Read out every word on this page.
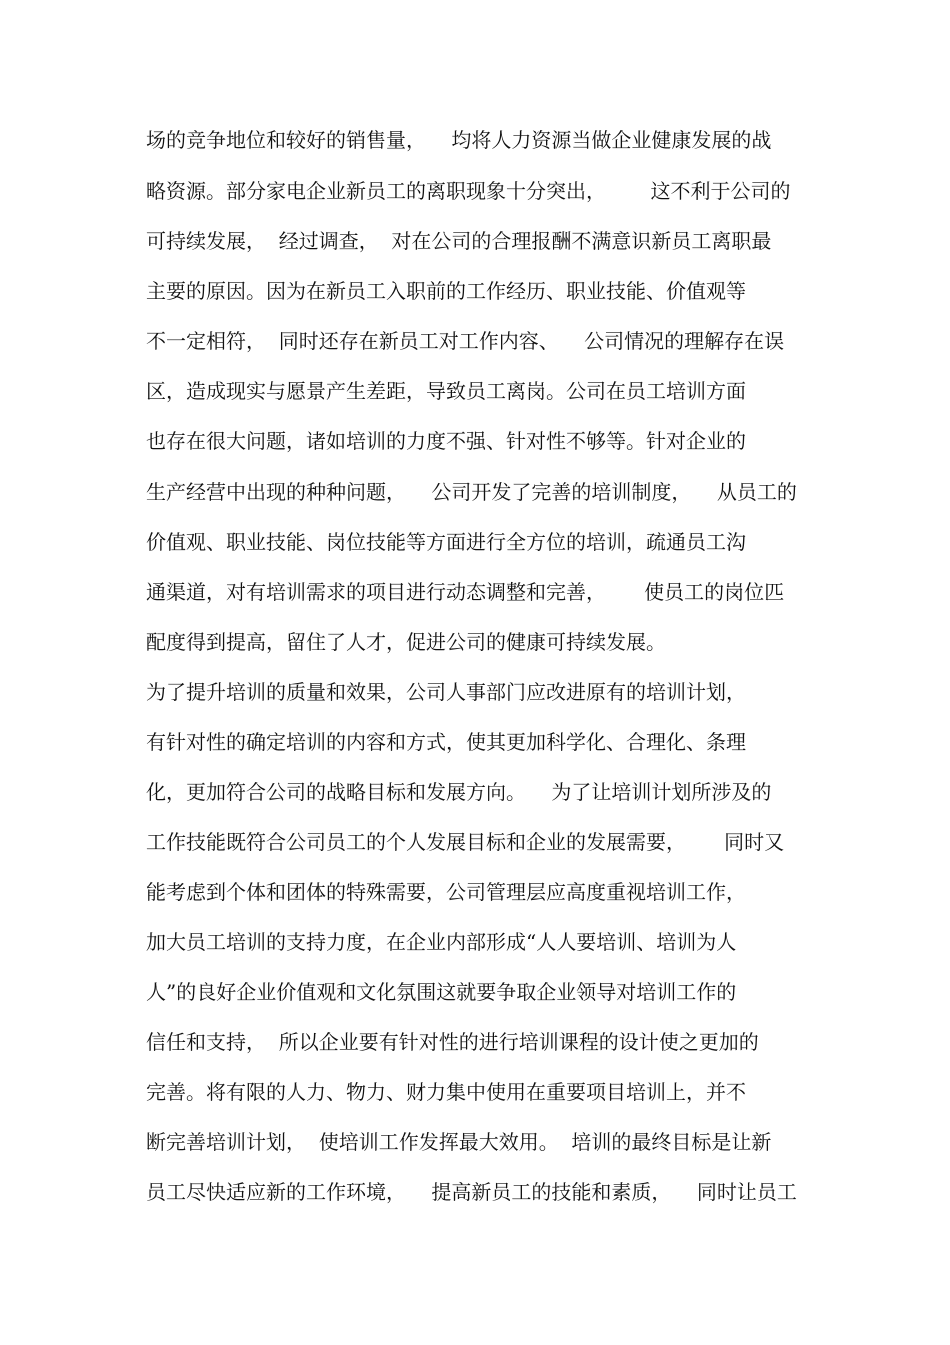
场的竞争地位和较好的销售量，    均将人力资源当做企业健康发展的战
略资源。部分家电企业新员工的离职现象十分突出，       这不利于公司的
可持续发展，  经过调查，  对在公司的合理报酬不满意识新员工离职最
主要的原因。因为在新员工入职前的工作经历、职业技能、价值观等
不一定相符，  同时还存在新员工对工作内容、    公司情况的理解存在误
区，造成现实与愿景产生差距，导致员工离岗。公司在员工培训方面
也存在很大问题，诸如培训的力度不强、针对性不够等。针对企业的
生产经营中出现的种种问题，    公司开发了完善的培训制度，    从员工的
价值观、职业技能、岗位技能等方面进行全方位的培训，疏通员工沟
通渠道，对有培训需求的项目进行动态调整和完善，      使员工的岗位匹
配度得到提高，留住了人才，促进公司的健康可持续发展。
为了提升培训的质量和效果，公司人事部门应改进原有的培训计划，
有针对性的确定培训的内容和方式，使其更加科学化、合理化、条理
化，更加符合公司的战略目标和发展方向。    为了让培训计划所涉及的
工作技能既符合公司员工的个人发展目标和企业的发展需要，      同时又
能考虑到个体和团体的特殊需要，公司管理层应高度重视培训工作，
加大员工培训的支持力度，在企业内部形成“人人要培训、培训为人
人”的良好企业价值观和文化氛围这就要争取企业领导对培训工作的
信任和支持，  所以企业要有针对性的进行培训课程的设计使之更加的
完善。将有限的人力、物力、财力集中使用在重要项目培训上，并不
断完善培训计划，  使培训工作发挥最大效用。  培训的最终目标是让新
员工尽快适应新的工作环境，    提高新员工的技能和素质，    同时让员工
